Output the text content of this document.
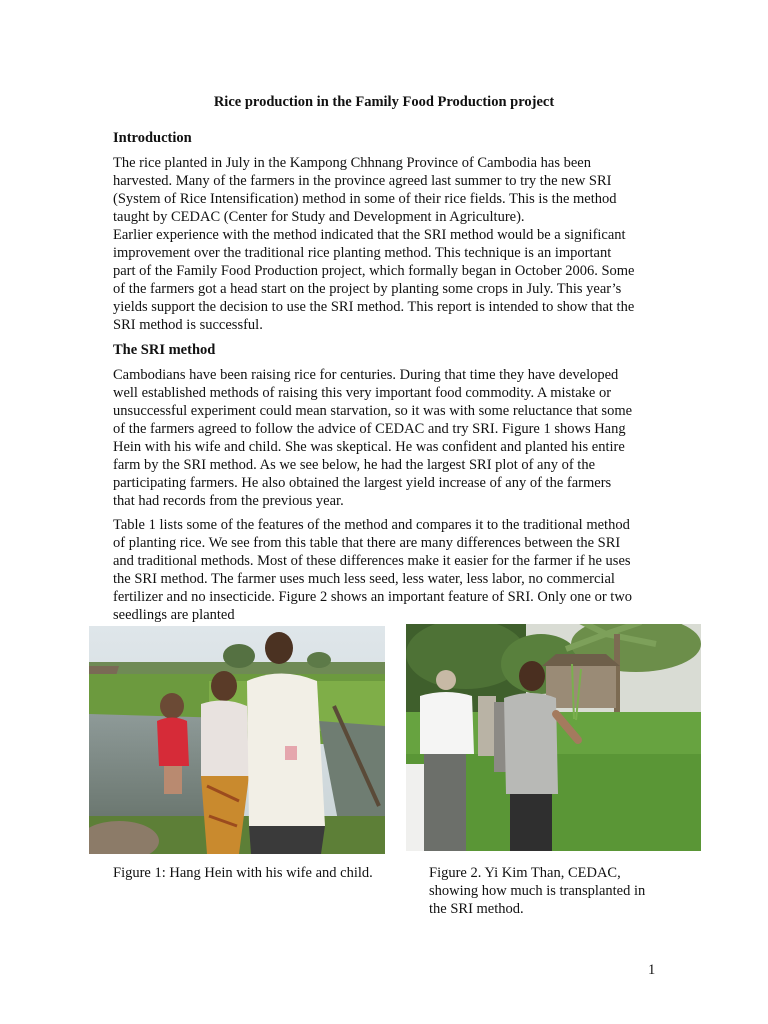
Rice production in the Family Food Production project
Introduction
The rice planted in July in the Kampong Chhnang Province of Cambodia has been
harvested. Many of the farmers in the province agreed last summer to try the new SRI
(System of Rice Intensification) method in some of their rice fields. This is the method
taught by CEDAC (Center for Study and Development in Agriculture).
Earlier experience with the method indicated that the SRI method would be a significant
improvement over the traditional rice planting method. This technique is an important
part of the Family Food Production project, which formally began in October 2006. Some
of the farmers got a head start on the project by planting some crops in July. This year’s
yields support the decision to use the SRI method. This report is intended to show that the
SRI method is successful.
The SRI method
Cambodians have been raising rice for centuries. During that time they have developed
well established methods of raising this very important food commodity. A mistake or
unsuccessful experiment could mean starvation, so it was with some reluctance that some
of the farmers agreed to follow the advice of CEDAC and try SRI. Figure 1 shows Hang
Hein with his wife and child. She was skeptical. He was confident and planted his entire
farm by the SRI method. As we see below, he had the largest SRI plot of any of the
participating farmers. He also obtained the largest yield increase of any of the farmers
that had records from the previous year.
Table 1 lists some of the features of the method and compares it to the traditional method
of planting rice. We see from this table that there are many differences between the SRI
and traditional methods. Most of these differences make it easier for the farmer if he uses
the SRI method. The farmer uses much less seed, less water, less labor, no commercial
fertilizer and no insecticide. Figure 2 shows an important feature of SRI. Only one or two
seedlings are planted
Figure 1: Hang Hein with his wife and child.	Figure 2. Yi Kim Than, CEDAC,
showing how much is transplanted in
the SRI method.
1
